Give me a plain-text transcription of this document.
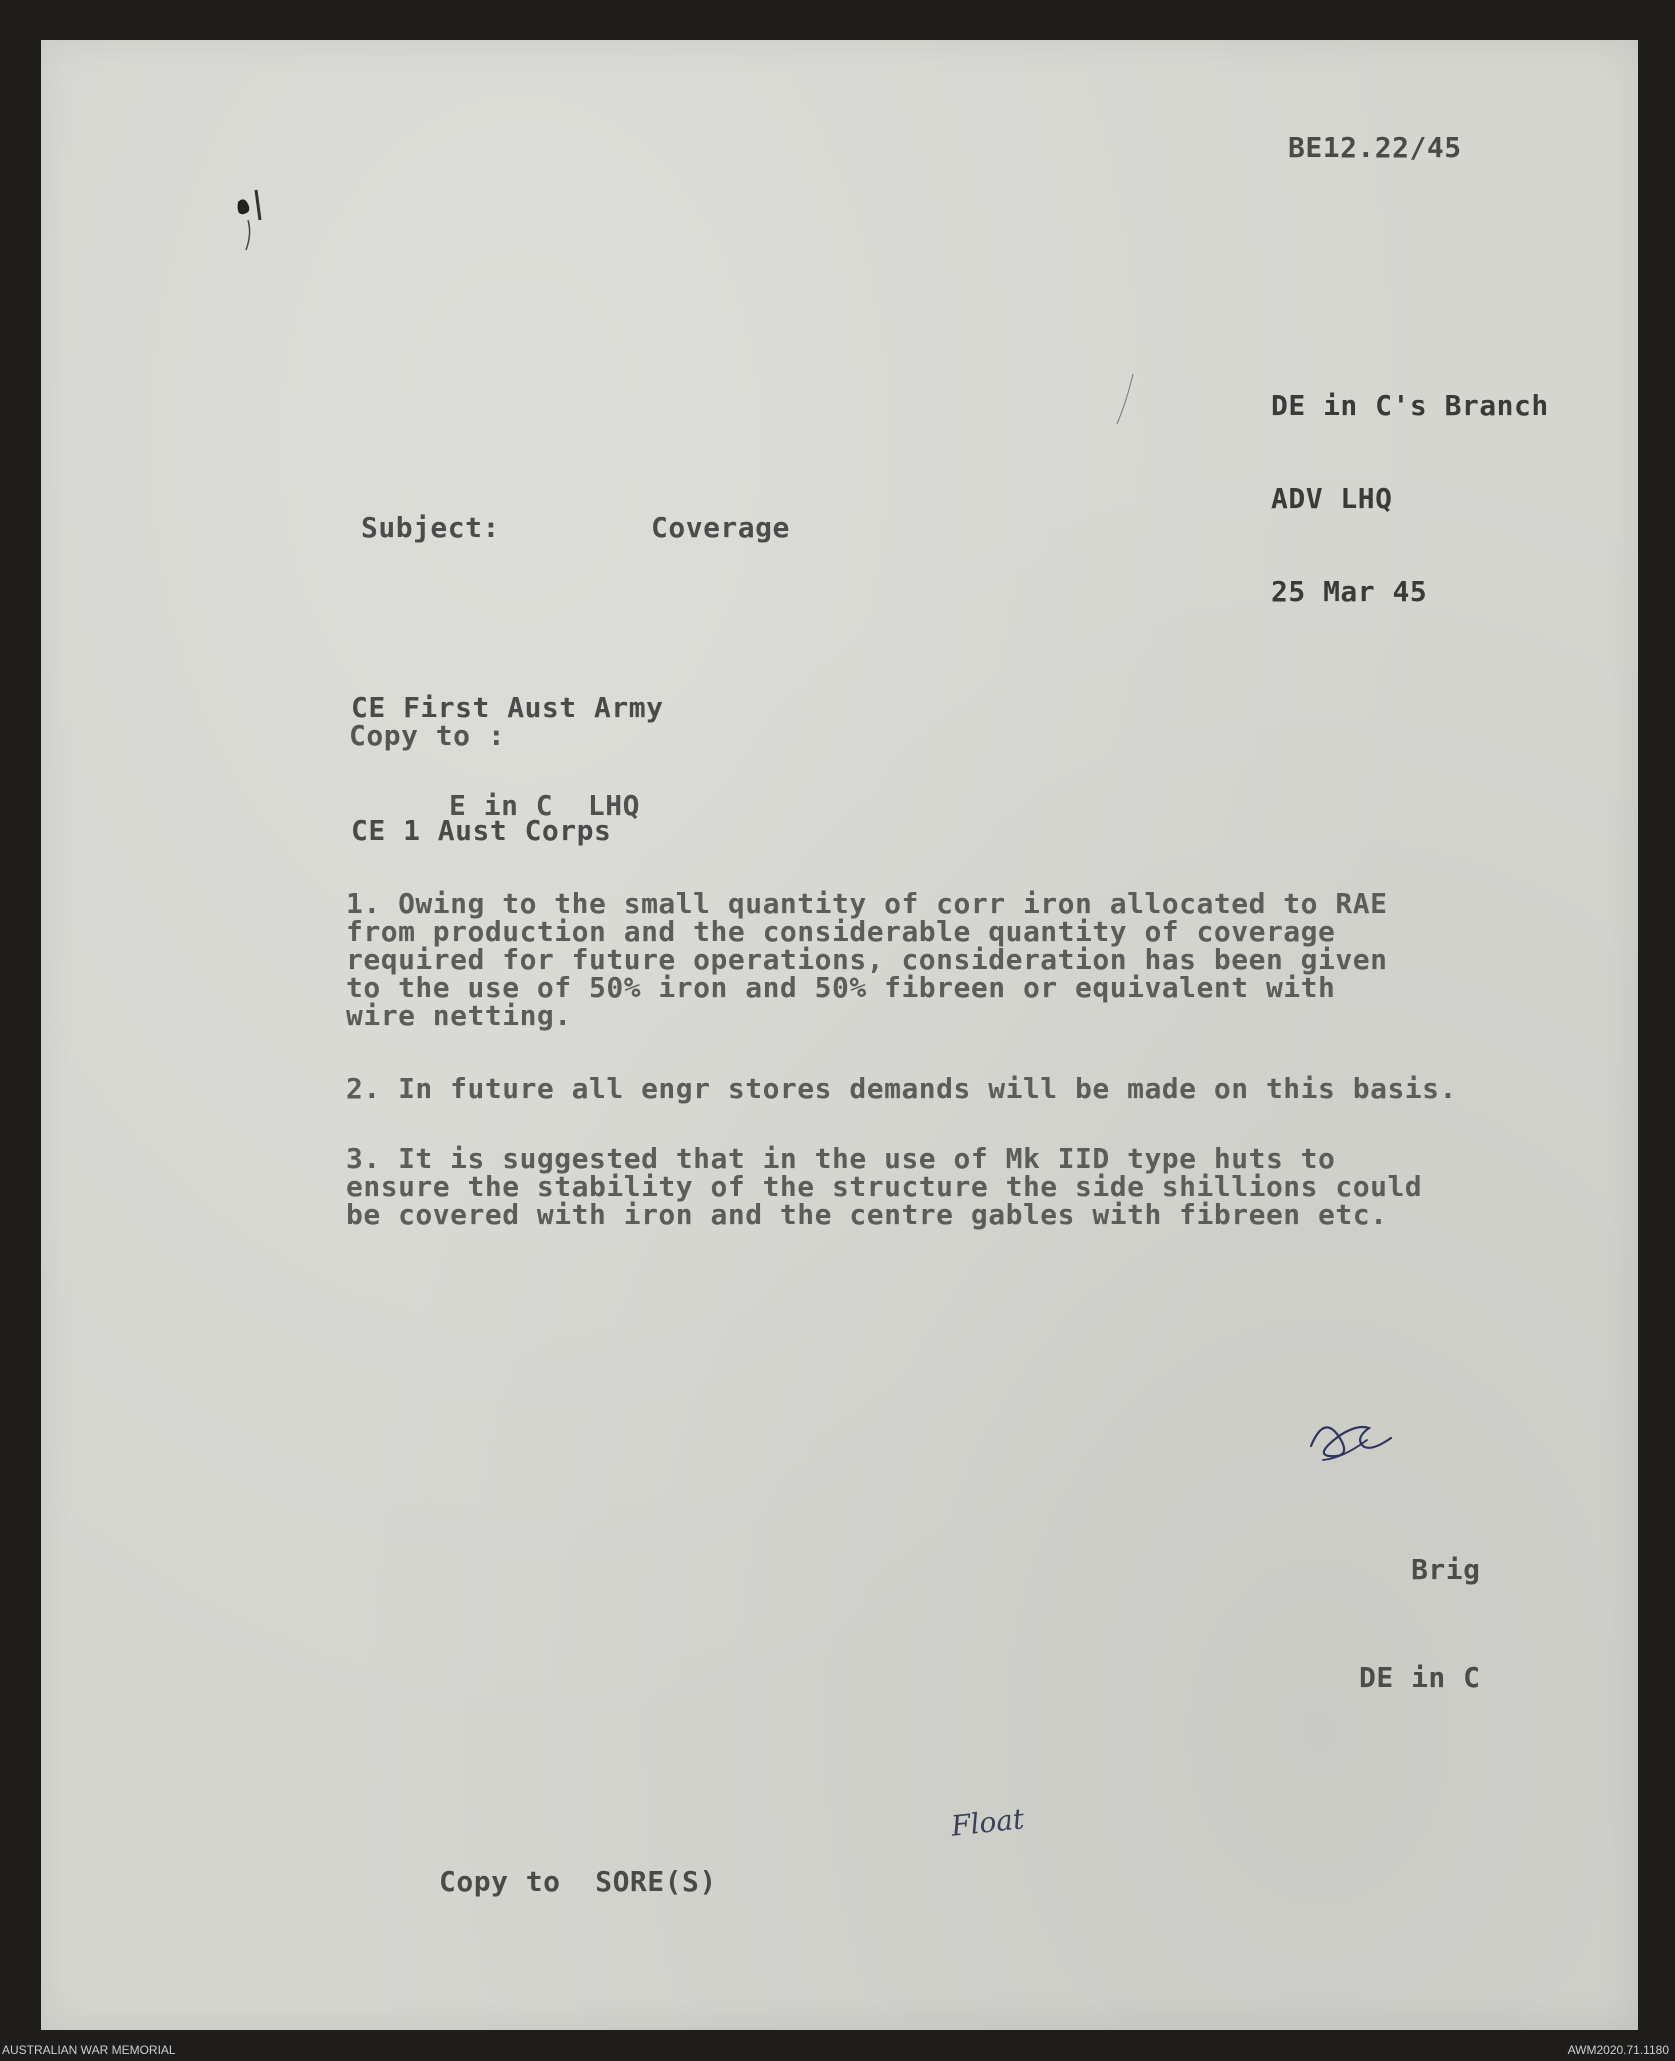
BE12.22/45

DE in C's Branch

ADV LHQ

25 Mar 45

Subject:	Coverage

CE First Aust Army

CE 1 Aust Corps

Copy to :
E in C  LHQ
1. Owing to the small quantity of corr iron allocated to RAE
from production and the considerable quantity of coverage
required for future operations, consideration has been given
to the use of 50% iron and 50% fibreen or equivalent with
wire netting.
2. In future all engr stores demands will be made on this basis.
3. It is suggested that in the use of Mk IID type huts to
ensure the stability of the structure the side shillions could
be covered with iron and the centre gables with fibreen etc.

Brig

DE in C

Float
Copy to  SORE(S)
AUSTRALIAN WAR MEMORIAL	AWM2020.71.1180
